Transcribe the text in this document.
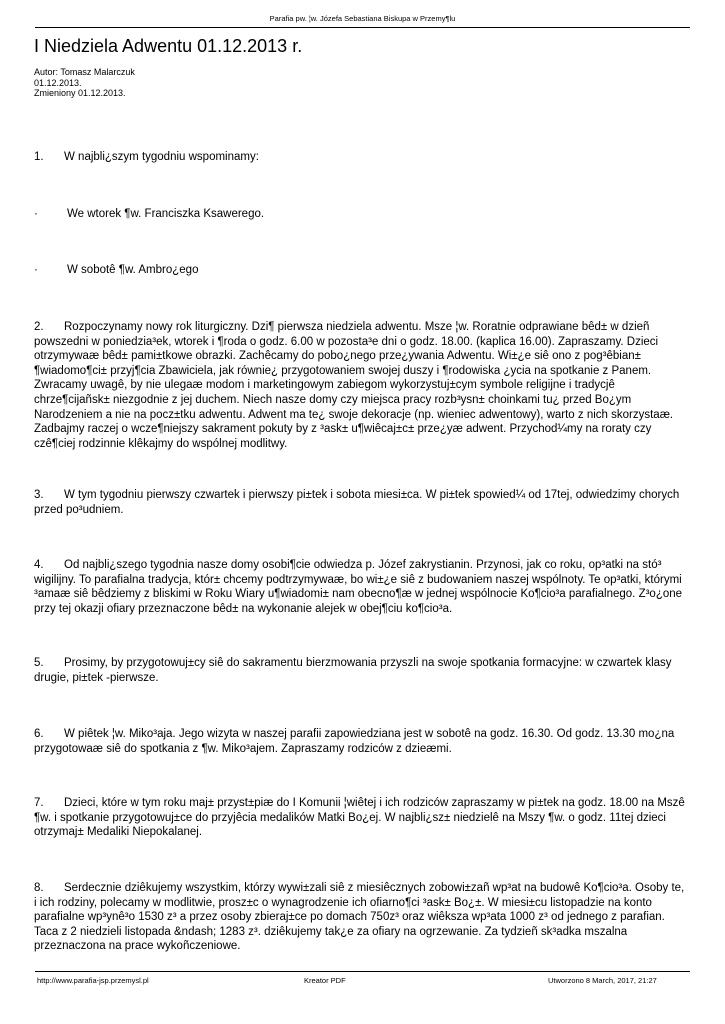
Parafia pw. ¦w. Józefa Sebastiana Biskupa w Przemy¶lu
I Niedziela Adwentu 01.12.2013 r.
Autor: Tomasz Malarczuk
01.12.2013.
Zmieniony 01.12.2013.

1. W najbli¿szym tygodniu wspominamy:

·	We wtorek ¶w. Franciszka Ksawerego.

·	W sobotê ¶w. Ambro¿ego

2. Rozpoczynamy nowy rok liturgiczny. Dzi¶ pierwsza niedziela adwentu. Msze ¦w. Roratnie odprawiane bêd± w dzieñ powszedni w poniedzia³ek, wtorek i ¶roda o godz. 6.00 w pozosta³e dni o godz. 18.00. (kaplica 16.00). Zapraszamy. Dzieci otrzymywaæ bêd± pami±tkowe obrazki. Zachêcamy do pobo¿nego prze¿ywania Adwentu. Wi±¿e siê ono z pog³êbian± ¶wiadomo¶ci± przyj¶cia Zbawiciela, jak równie¿ przygotowaniem swojej duszy i ¶rodowiska ¿ycia na spotkanie z Panem. Zwracamy uwagê, by nie ulegaæ modom i marketingowym zabiegom wykorzystuj±cym symbole religijne i tradycjê chrze¶cijañsk± niezgodnie z jej duchem. Niech nasze domy czy miejsca pracy rozb³ysn± choinkami tu¿ przed Bo¿ym Narodzeniem a nie na pocz±tku adwentu. Adwent ma te¿ swoje dekoracje (np. wieniec adwentowy), warto z nich skorzystaæ. Zadbajmy raczej o wcze¶niejszy sakrament pokuty by z ³ask± u¶wiêcaj±c± prze¿yæ adwent. Przychod¼my na roraty czy czê¶ciej rodzinnie klêkajmy do wspólnej modlitwy.

3. W tym tygodniu pierwszy czwartek i pierwszy pi±tek i sobota miesi±ca. W pi±tek spowied¼ od 17tej, odwiedzimy chorych przed po³udniem.

4. Od najbli¿szego tygodnia nasze domy osobi¶cie odwiedza p. Józef zakrystianin. Przynosi, jak co roku, op³atki na stó³ wigilijny. To parafialna tradycja, któr± chcemy podtrzymywaæ, bo wi±¿e siê z budowaniem naszej wspólnoty. Te op³atki, którymi ³amaæ siê bêdziemy z bliskimi w Roku Wiary u¶wiadomi± nam obecno¶æ w jednej wspólnocie Ko¶cio³a parafialnego. Z³o¿one przy tej okazji ofiary przeznaczone bêd± na wykonanie alejek w obej¶ciu ko¶cio³a.

5. Prosimy, by przygotowuj±cy siê do sakramentu bierzmowania przyszli na swoje spotkania formacyjne: w czwartek klasy drugie, pi±tek -pierwsze.

6. W piêtek ¦w. Miko³aja. Jego wizyta w naszej parafii zapowiedziana jest w sobotê na godz. 16.30. Od godz. 13.30 mo¿na przygotowaæ siê do spotkania z ¶w. Miko³ajem. Zapraszamy rodziców z dzieæmi.

7. Dzieci, które w tym roku maj± przyst±piæ do I Komunii ¦wiêtej i ich rodziców zapraszamy w pi±tek na godz. 18.00 na Mszê ¶w. i spotkanie przygotowuj±ce do przyjêcia medalików Matki Bo¿ej. W najbli¿sz± niedzielê na Mszy ¶w. o godz. 11tej dzieci otrzymaj± Medaliki Niepokalanej.

8. Serdecznie dziêkujemy wszystkim, którzy wywi±zali siê z miesiêcznych zobowi±zañ wp³at na budowê Ko¶cio³a. Osoby te, i ich rodziny, polecamy w modlitwie, prosz±c o wynagrodzenie ich ofiarno¶ci ³ask± Bo¿±. W miesi±cu listopadzie na konto parafialne wp³ynê³o 1530 z³ a przez osoby zbieraj±ce po domach 750z³ oraz wiêksza wp³ata 1000 z³ od jednego z parafian. Taca z 2 niedzieli listopada &ndash; 1283 z³. dziêkujemy tak¿e za ofiary na ogrzewanie. Za tydzieñ sk³adka mszalna przeznaczona na prace wykoñczeniowe.

http://www.parafia-jsp.przemysl.pl	Kreator PDF	Utworzono 8 March, 2017, 21:27
